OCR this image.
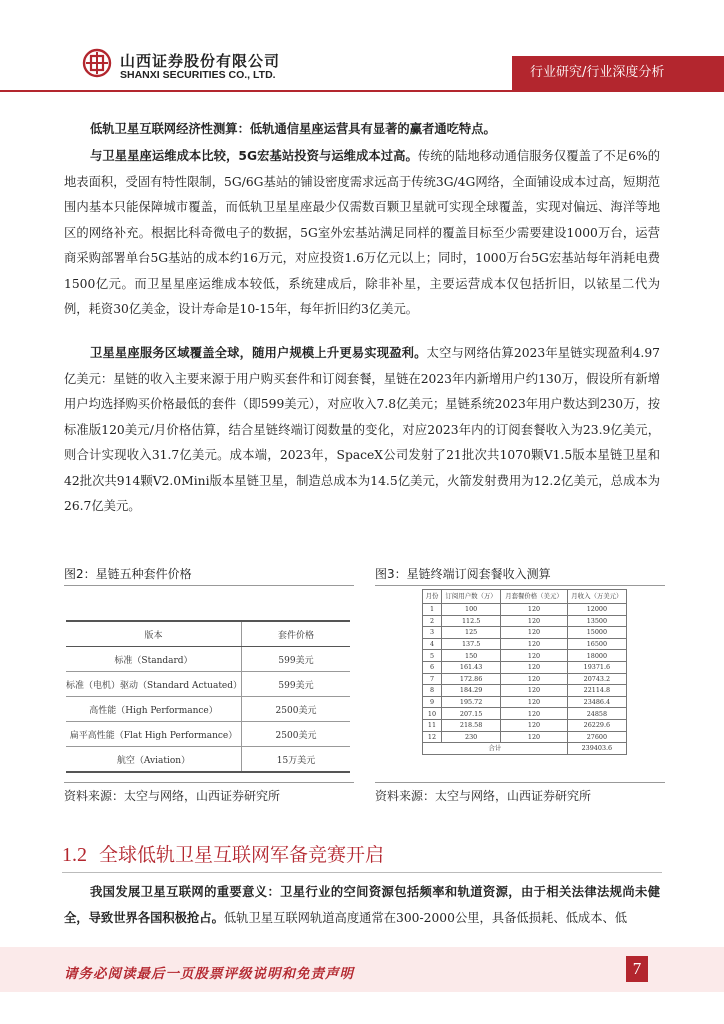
山西证券股份有限公司
SHANXI SECURITIES CO., LTD.	行业研究/行业深度分析

低轨卫星互联网经济性测算：低轨通信星座运营具有显著的赢者通吃特点。

与卫星星座运维成本比较，5G宏基站投资与运维成本过高。传统的陆地移动通信服务仅覆盖了不足6%的地表面积，受固有特性限制，5G/6G基站的铺设密度需求远高于传统3G/4G网络，全面铺设成本过高，短期范围内基本只能保障城市覆盖，而低轨卫星星座最少仅需数百颗卫星就可实现全球覆盖，实现对偏远、海洋等地区的网络补充。根据比科奇微电子的数据，5G室外宏基站满足同样的覆盖目标至少需要建设1000万台，运营商采购部署单台5G基站的成本约16万元，对应投资1.6万亿元以上；同时，1000万台5G宏基站每年消耗电费1500亿元。而卫星星座运维成本较低，系统建成后，除非补星，主要运营成本仅包括折旧，以铱星二代为例，耗资30亿美金，设计寿命是10-15年，每年折旧约3亿美元。

卫星星座服务区域覆盖全球，随用户规模上升更易实现盈利。太空与网络估算2023年星链实现盈利4.97亿美元：星链的收入主要来源于用户购买套件和订阅套餐，星链在2023年内新增用户约130万，假设所有新增用户均选择购买价格最低的套件（即599美元），对应收入7.8亿美元；星链系统2023年用户数达到230万，按标准版120美元/月价格估算，结合星链终端订阅数量的变化，对应2023年内的订阅套餐收入为23.9亿美元，则合计实现收入31.7亿美元。成本端，2023年，SpaceX公司发射了21批次共1070颗V1.5版本星链卫星和42批次共914颗V2.0Mini版本星链卫星，制造总成本为14.5亿美元，火箭发射费用为12.2亿美元，总成本为26.7亿美元。

图2：星链五种套件价格
版本	套件价格
标准（Standard）	599美元
标准（电机）驱动（Standard Actuated）	599美元
高性能（High Performance）	2500美元
扁平高性能（Flat High Performance）	2500美元
航空（Aviation）	15万美元
资料来源：太空与网络，山西证券研究所
图3：星链终端订阅套餐收入测算
月份	订阅用户数（万）	月套餐价格（美元）	月收入（万美元）
1	100	120	12000
2	112.5	120	13500
3	125	120	15000
4	137.5	120	16500
5	150	120	18000
6	161.43	120	19371.6
7	172.86	120	20743.2
8	184.29	120	22114.8
9	195.72	120	23486.4
10	207.15	120	24858
11	218.58	120	26229.6
12	230	120	27600
合计			239403.6
资料来源：太空与网络，山西证券研究所
1.2 全球低轨卫星互联网军备竞赛开启

我国发展卫星互联网的重要意义：卫星行业的空间资源包括频率和轨道资源，由于相关法律法规尚未健全，导致世界各国积极抢占。低轨卫星互联网轨道高度通常在300-2000公里，具备低损耗、低成本、低

请务必阅读最后一页股票评级说明和免责声明	7
